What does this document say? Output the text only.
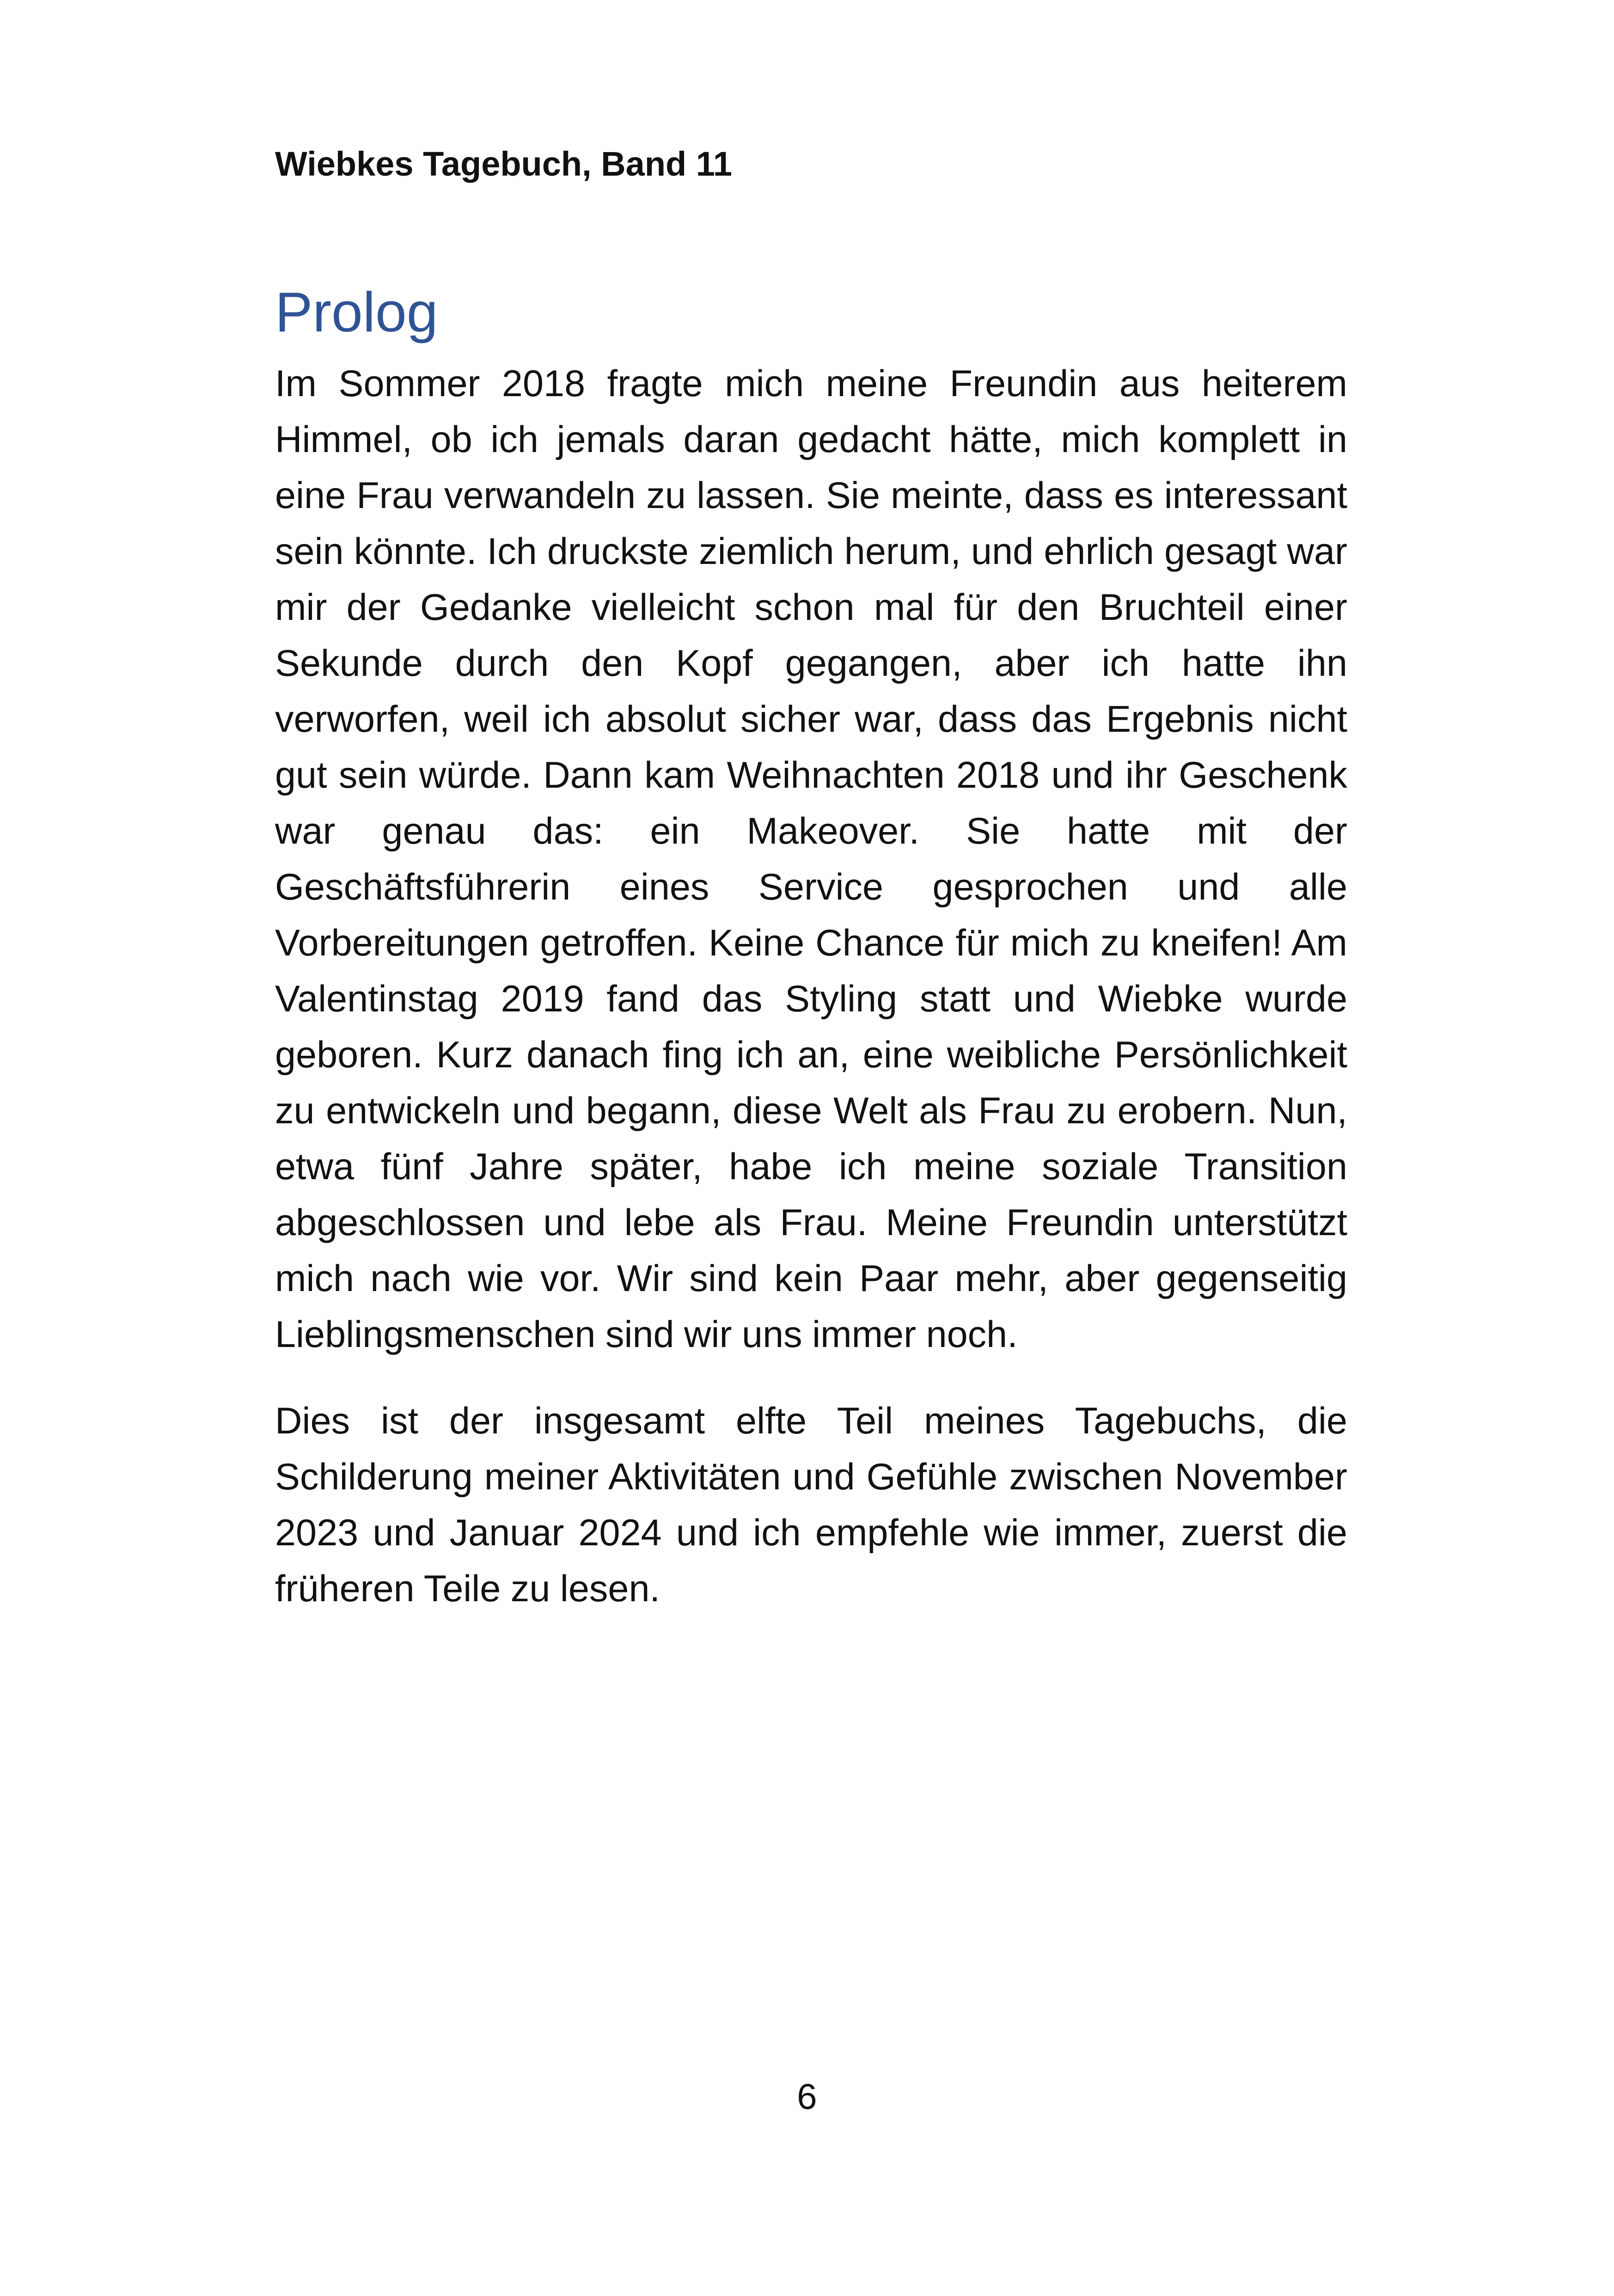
Wiebkes Tagebuch, Band 11

Prolog

Im Sommer 2018 fragte mich meine Freundin aus heiterem Himmel, ob ich jemals daran gedacht hätte, mich komplett in eine Frau verwandeln zu lassen. Sie meinte, dass es interessant sein könnte. Ich druckste ziemlich herum, und ehrlich gesagt war mir der Gedanke vielleicht schon mal für den Bruchteil einer Sekunde durch den Kopf gegangen, aber ich hatte ihn verworfen, weil ich absolut sicher war, dass das Ergebnis nicht gut sein würde. Dann kam Weihnachten 2018 und ihr Geschenk war genau das: ein Makeover. Sie hatte mit der Geschäftsführerin eines Service gesprochen und alle Vorbereitungen getroffen. Keine Chance für mich zu kneifen! Am Valentinstag 2019 fand das Styling statt und Wiebke wurde geboren. Kurz danach fing ich an, eine weibliche Persönlichkeit zu entwickeln und begann, diese Welt als Frau zu erobern. Nun, etwa fünf Jahre später, habe ich meine soziale Transition abgeschlossen und lebe als Frau. Meine Freundin unterstützt mich nach wie vor. Wir sind kein Paar mehr, aber gegenseitig Lieblingsmenschen sind wir uns immer noch.

Dies ist der insgesamt elfte Teil meines Tagebuchs, die Schilderung meiner Aktivitäten und Gefühle zwischen November 2023 und Januar 2024 und ich empfehle wie immer, zuerst die früheren Teile zu lesen.

6
